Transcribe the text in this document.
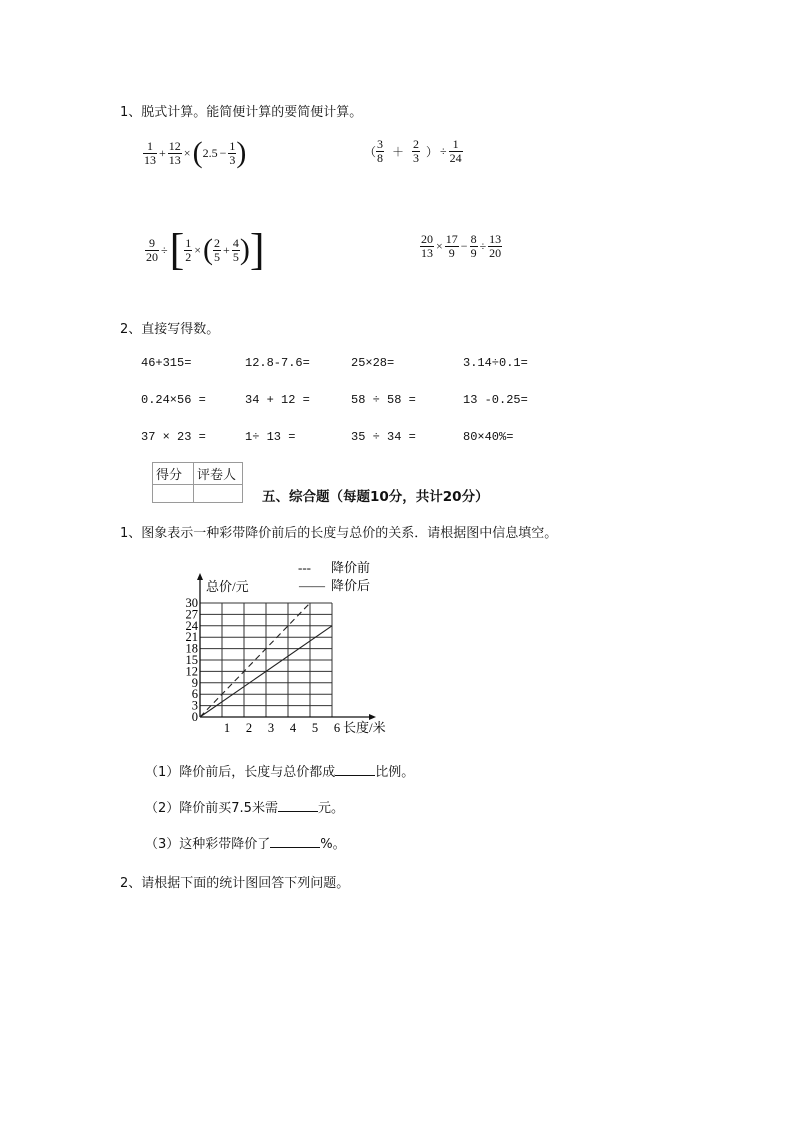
1、脱式计算。能简便计算的要简便计算。
$\frac{1}{13} + \frac{12}{13}$ × ( $2.5 - \frac{1}{3}$ )	（ $\frac{3}{8} + \frac{2}{3}$ ） ÷ $\frac{1}{24}$
$\frac{9}{20}$ ÷ [ $\frac{1}{2}$ × ( $\frac{2}{5} + \frac{4}{5}$ ) ]	$\frac{20}{13} \times \frac{17}{9} - \frac{8}{9} \div \frac{13}{20}$
2、直接写得数。
46+315=	12.8-7.6=	25×28=	3.14÷0.1=
0.24×56 =	34 + 12 =	58 ÷ 58 =	13 -0.25=
37 × 23 =	1÷ 13 =	35 ÷ 34 =	80×40%=
得分	评卷人

五、综合题（每题10分，共计20分）
1、图象表示一种彩带降价前后的长度与总价的关系．请根据图中信息填空。
0
3
6
9
12
15
18
21
24
27
30
1 2 3 4 5 6
总价/元
长度/米
--- 降价前
—— 降价后
（1）降价前后，长度与总价都成	比例。
（2）降价前买7.5米需	元。
（3）这种彩带降价了	%。
2、请根据下面的统计图回答下列问题。
